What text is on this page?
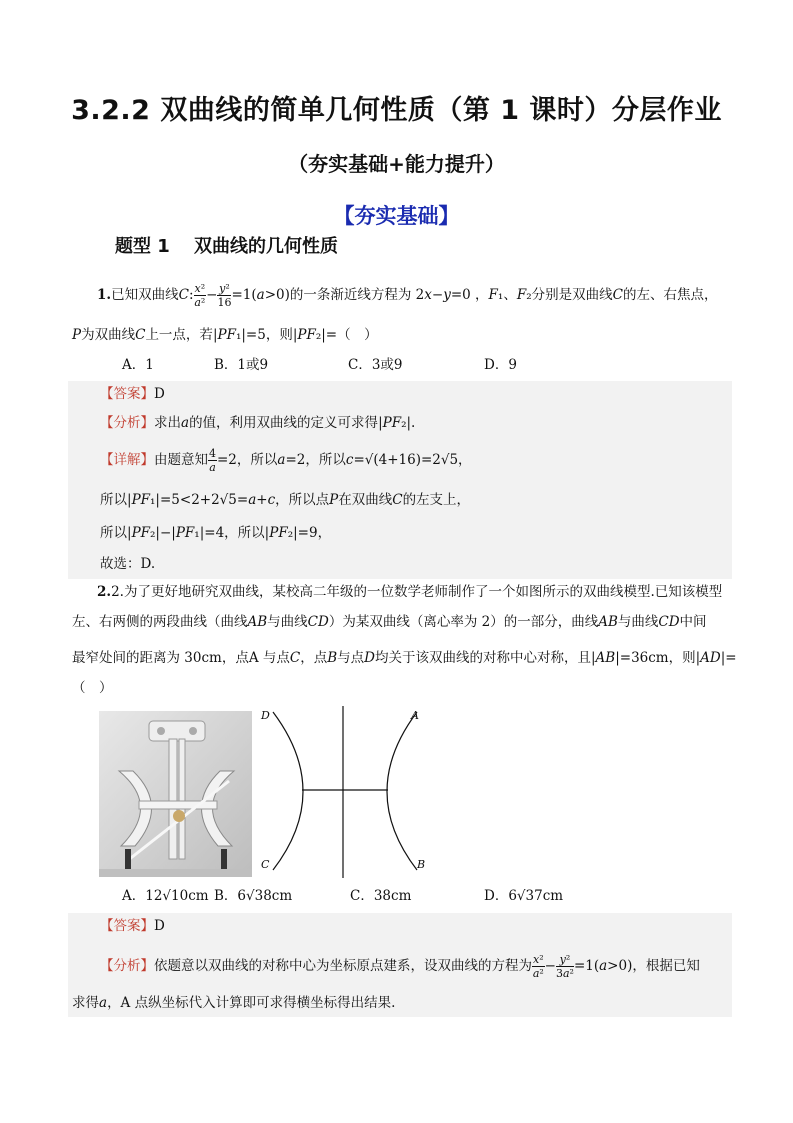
3.2.2 双曲线的简单几何性质（第 1 课时）分层作业
（夯实基础+能力提升）
【夯实基础】
题型 1　 双曲线的几何性质
1.已知双曲线C: $\frac{\text{x²}}{\text{a²}} - \frac{\text{y²}}{16} =1(a>0)$的一条渐近线方程为 2x−y=0 ，F₁、F₂分别是双曲线C的左、右焦点，
P为双曲线C上一点，若|PF₁|=5，则|PF₂|=（　）
A．1	B．1或9	C．3或9	D．9
【答案】D
【分析】求出a的值，利用双曲线的定义可求得|PF₂|.
【详解】由题意知 $\frac{4}{a} =2$，所以a=2，所以c=√(4+16)=2√5，
所以|PF₁|=5<2+2√5=a+c，所以点P在双曲线C的左支上，
所以|PF₂|−|PF₁|=4，所以|PF₂|=9，
故选：D.
2.2.为了更好地研究双曲线，某校高二年级的一位数学老师制作了一个如图所示的双曲线模型.已知该模型
左、右两侧的两段曲线（曲线AB与曲线CD）为某双曲线（离心率为 2）的一部分，曲线AB与曲线CD中间
最窄处间的距离为 30cm，点A 与点C，点B与点D均关于该双曲线的对称中心对称，且|AB|=36cm，则|AD|=
（　）
D	A
C	B
A．12√10cm B．6√38cm	C．38cm	D．6√37cm
【答案】D
【分析】依题意以双曲线的对称中心为坐标原点建系，设双曲线的方程为 $\frac{\text{x²}}{\text{a²}} - \frac{\text{y²}}{\text{3a²}} =1(a>0)$，根据已知
求得a，A 点纵坐标代入计算即可求得横坐标得出结果.
